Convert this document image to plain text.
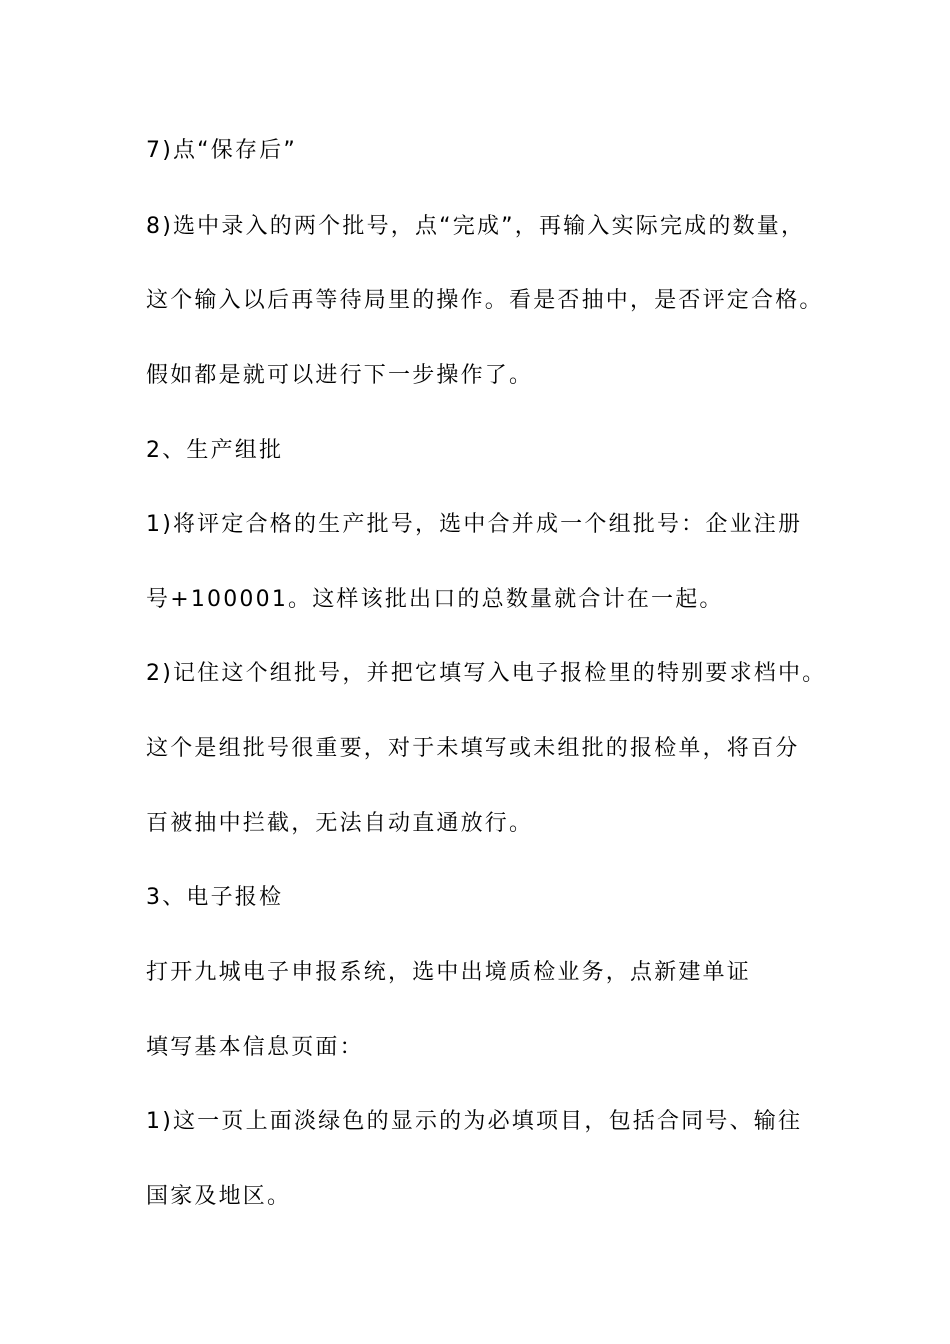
7)点“保存后”
8)选中录入的两个批号，点“完成”，再输入实际完成的数量，
这个输入以后再等待局里的操作。看是否抽中，是否评定合格。
假如都是就可以进行下一步操作了。
2、生产组批
1)将评定合格的生产批号，选中合并成一个组批号：企业注册
号+100001。这样该批出口的总数量就合计在一起。
2)记住这个组批号，并把它填写入电子报检里的特别要求档中。
这个是组批号很重要，对于未填写或未组批的报检单，将百分
百被抽中拦截，无法自动直通放行。
3、电子报检
打开九城电子申报系统，选中出境质检业务，点新建单证
填写基本信息页面：
1)这一页上面淡绿色的显示的为必填项目，包括合同号、输往
国家及地区。
